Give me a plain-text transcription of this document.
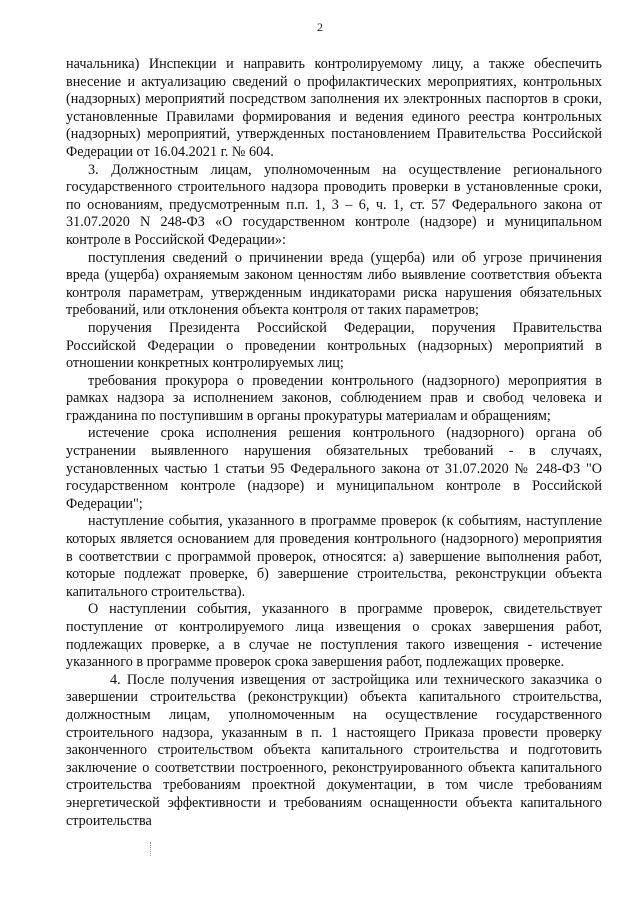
2

начальника) Инспекции и направить контролируемому лицу, а также обеспечить внесение и актуализацию сведений о профилактических мероприятиях, контрольных (надзорных) мероприятий посредством заполнения их электронных паспортов в сроки, установленные Правилами формирования и ведения единого реестра контрольных (надзорных) мероприятий, утвержденных постановлением Правительства Российской Федерации от 16.04.2021 г. № 604.

3. Должностным лицам, уполномоченным на осуществление регионального государственного строительного надзора проводить проверки в установленные сроки, по основаниям, предусмотренным п.п. 1, 3 – 6, ч. 1, ст. 57 Федерального закона от 31.07.2020 N 248-ФЗ «О государственном контроле (надзоре) и муниципальном контроле в Российской Федерации»:

поступления сведений о причинении вреда (ущерба) или об угрозе причинения вреда (ущерба) охраняемым законом ценностям либо выявление соответствия объекта контроля параметрам, утвержденным индикаторами риска нарушения обязательных требований, или отклонения объекта контроля от таких параметров;

поручения Президента Российской Федерации, поручения Правительства Российской Федерации о проведении контрольных (надзорных) мероприятий в отношении конкретных контролируемых лиц;

требования прокурора о проведении контрольного (надзорного) мероприятия в рамках надзора за исполнением законов, соблюдением прав и свобод человека и гражданина по поступившим в органы прокуратуры материалам и обращениям;

истечение срока исполнения решения контрольного (надзорного) органа об устранении выявленного нарушения обязательных требований - в случаях, установленных частью 1 статьи 95 Федерального закона от 31.07.2020 № 248-ФЗ "О государственном контроле (надзоре) и муниципальном контроле в Российской Федерации";

наступление события, указанного в программе проверок (к событиям, наступление которых является основанием для проведения контрольного (надзорного) мероприятия в соответствии с программой проверок, относятся: а) завершение выполнения работ, которые подлежат проверке, б) завершение строительства, реконструкции объекта капитального строительства).

О наступлении события, указанного в программе проверок, свидетельствует поступление от контролируемого лица извещения о сроках завершения работ, подлежащих проверке, а в случае не поступления такого извещения - истечение указанного в программе проверок срока завершения работ, подлежащих проверке.

4. После получения извещения от застройщика или технического заказчика о завершении строительства (реконструкции) объекта капитального строительства, должностным лицам, уполномоченным на осуществление государственного строительного надзора, указанным в п. 1 настоящего Приказа провести проверку законченного строительством объекта капитального строительства и подготовить заключение о соответствии построенного, реконструированного объекта капитального строительства требованиям проектной документации, в том числе требованиям энергетической эффективности и требованиям оснащенности объекта капитального строительства
